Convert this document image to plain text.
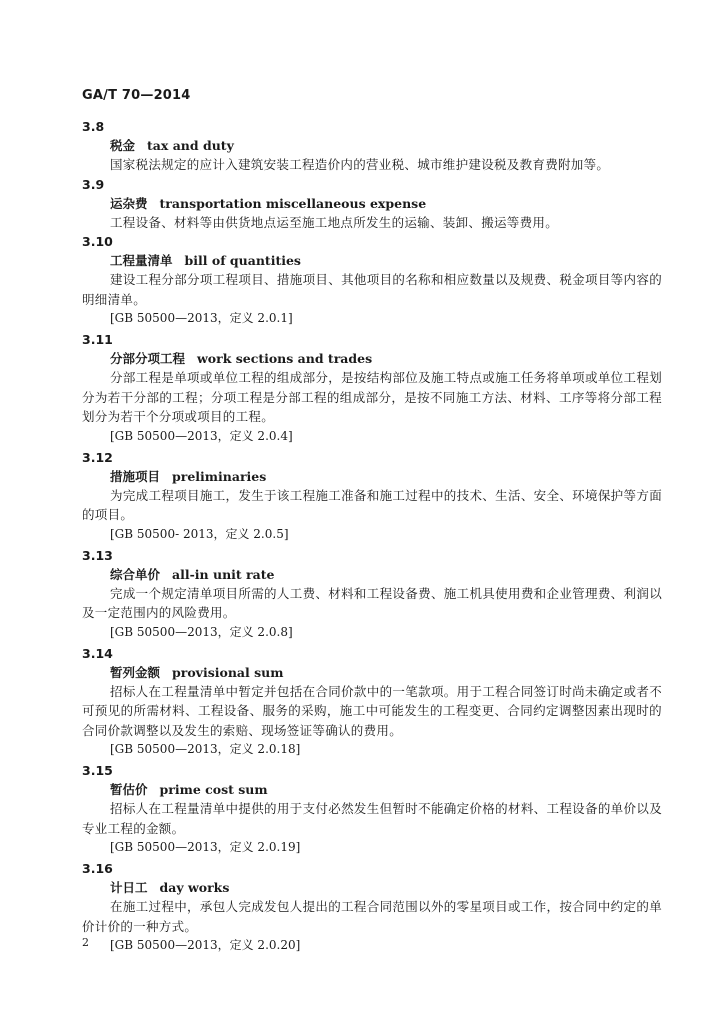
GA/T 70—2014
3.8
税金 tax and duty
国家税法规定的应计入建筑安装工程造价内的营业税、城市维护建设税及教育费附加等。
3.9
运杂费 transportation miscellaneous expense
工程设备、材料等由供货地点运至施工地点所发生的运输、装卸、搬运等费用。
3.10
工程量清单 bill of quantities
建设工程分部分项工程项目、措施项目、其他项目的名称和相应数量以及规费、税金项目等内容的明细清单。
[GB 50500—2013，定义 2.0.1]
3.11
分部分项工程 work sections and trades
分部工程是单项或单位工程的组成部分，是按结构部位及施工特点或施工任务将单项或单位工程划分为若干分部的工程；分项工程是分部工程的组成部分，是按不同施工方法、材料、工序等将分部工程划分为若干个分项或项目的工程。
[GB 50500—2013，定义 2.0.4]
3.12
措施项目 preliminaries
为完成工程项目施工，发生于该工程施工准备和施工过程中的技术、生活、安全、环境保护等方面的项目。
[GB 50500- 2013，定义 2.0.5]
3.13
综合单价 all-in unit rate
完成一个规定清单项目所需的人工费、材料和工程设备费、施工机具使用费和企业管理费、利润以及一定范围内的风险费用。
[GB 50500—2013，定义 2.0.8]
3.14
暂列金额 provisional sum
招标人在工程量清单中暂定并包括在合同价款中的一笔款项。用于工程合同签订时尚未确定或者不可预见的所需材料、工程设备、服务的采购，施工中可能发生的工程变更、合同约定调整因素出现时的合同价款调整以及发生的索赔、现场签证等确认的费用。
[GB 50500—2013，定义 2.0.18]
3.15
暂估价 prime cost sum
招标人在工程量清单中提供的用于支付必然发生但暂时不能确定价格的材料、工程设备的单价以及专业工程的金额。
[GB 50500—2013，定义 2.0.19]
3.16
计日工 day works
在施工过程中，承包人完成发包人提出的工程合同范围以外的零星项目或工作，按合同中约定的单价计价的一种方式。
[GB 50500—2013，定义 2.0.20]
2
